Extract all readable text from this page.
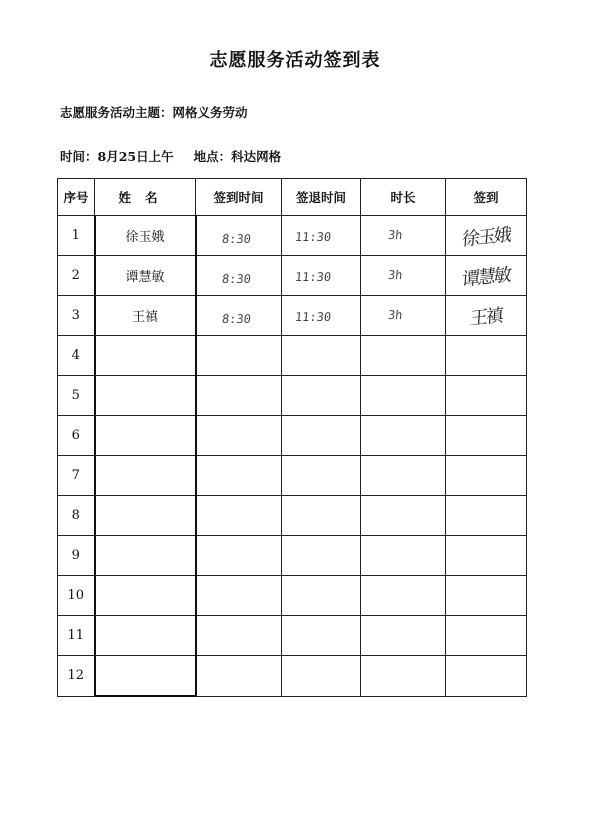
志愿服务活动签到表
志愿服务活动主题：网格义务劳动
时间：8月25日上午 地点：科达网格
序号	姓名	签到时间	签退时间	时长	签到
1	徐玉娥	8:30	11:30	3h	徐玉娥
2	谭慧敏	8:30	11:30	3h	谭慧敏
3	王禛	8:30	11:30	3h	王禛
4					
5					
6					
7					
8					
9					
10					
11					
12					
